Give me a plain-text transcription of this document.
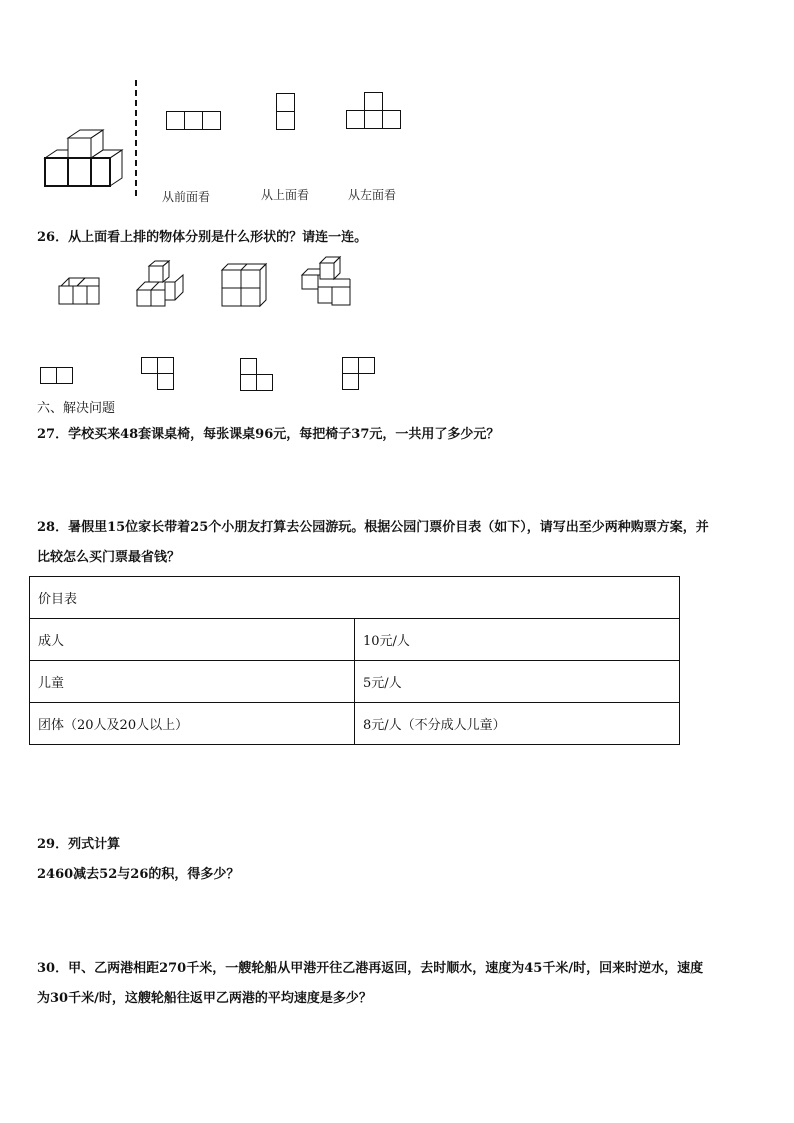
从前面看	从上面看	从左面看
26．从上面看上排的物体分别是什么形状的？请连一连。
六、解决问题
27．学校买来48套课桌椅，每张课桌96元，每把椅子37元，一共用了多少元？
28．暑假里15位家长带着25个小朋友打算去公园游玩。根据公园门票价目表（如下），请写出至少两种购票方案，并
比较怎么买门票最省钱？
价目表	
成人	10元/人
儿童	5元/人
团体（20人及20人以上）	8元/人（不分成人儿童）
29．列式计算
2460减去52与26的积，得多少？
30．甲、乙两港相距270千米，一艘轮船从甲港开往乙港再返回，去时顺水，速度为45千米/时，回来时逆水，速度
为30千米/时，这艘轮船往返甲乙两港的平均速度是多少？
